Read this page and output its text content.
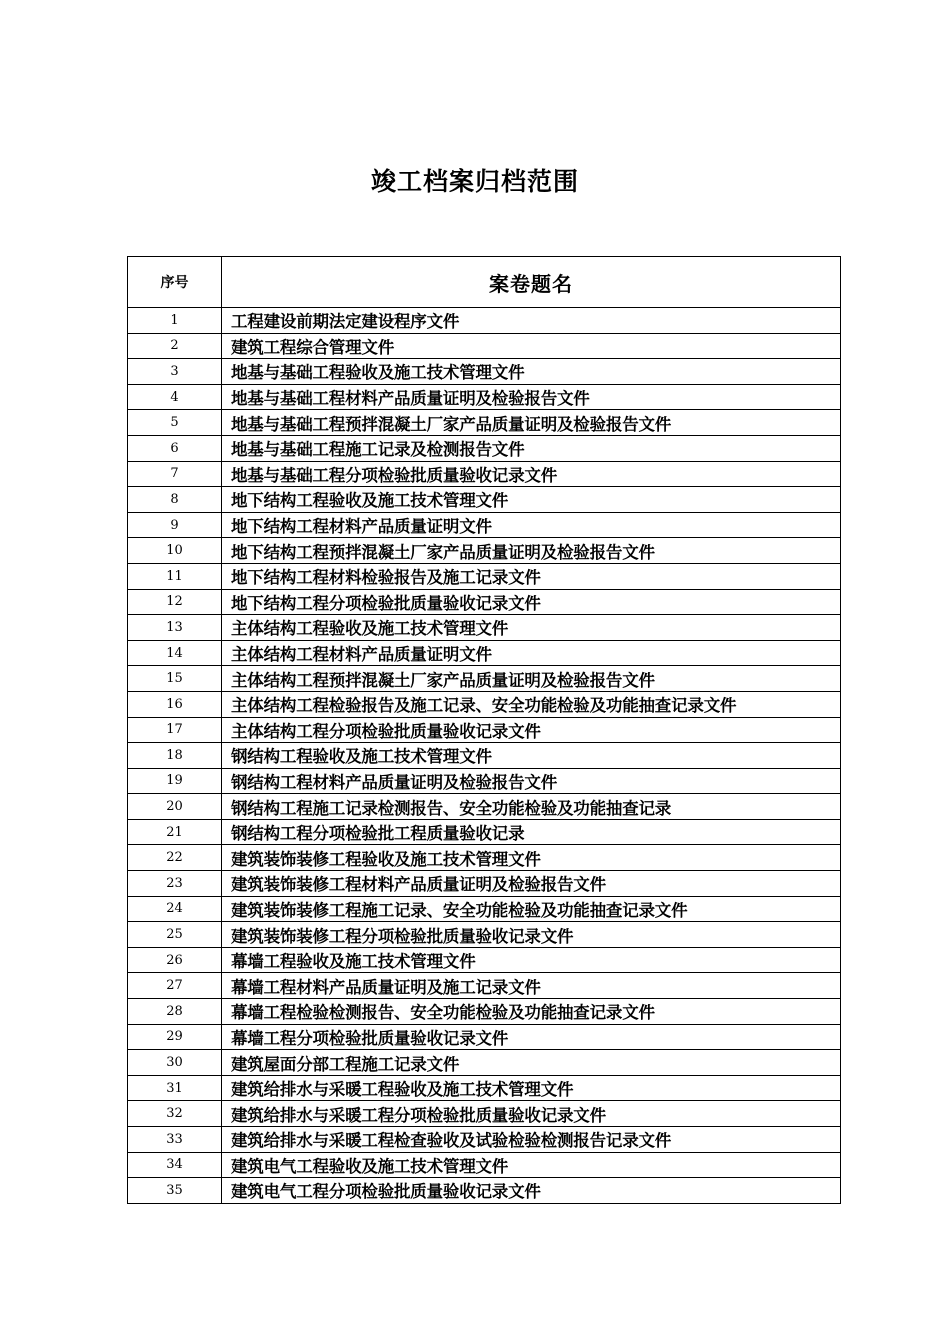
竣工档案归档范围
序号	案卷题名
1	工程建设前期法定建设程序文件
2	建筑工程综合管理文件
3	地基与基础工程验收及施工技术管理文件
4	地基与基础工程材料产品质量证明及检验报告文件
5	地基与基础工程预拌混凝土厂家产品质量证明及检验报告文件
6	地基与基础工程施工记录及检测报告文件
7	地基与基础工程分项检验批质量验收记录文件
8	地下结构工程验收及施工技术管理文件
9	地下结构工程材料产品质量证明文件
10	地下结构工程预拌混凝土厂家产品质量证明及检验报告文件
11	地下结构工程材料检验报告及施工记录文件
12	地下结构工程分项检验批质量验收记录文件
13	主体结构工程验收及施工技术管理文件
14	主体结构工程材料产品质量证明文件
15	主体结构工程预拌混凝土厂家产品质量证明及检验报告文件
16	主体结构工程检验报告及施工记录、安全功能检验及功能抽查记录文件
17	主体结构工程分项检验批质量验收记录文件
18	钢结构工程验收及施工技术管理文件
19	钢结构工程材料产品质量证明及检验报告文件
20	钢结构工程施工记录检测报告、安全功能检验及功能抽查记录
21	钢结构工程分项检验批工程质量验收记录
22	建筑装饰装修工程验收及施工技术管理文件
23	建筑装饰装修工程材料产品质量证明及检验报告文件
24	建筑装饰装修工程施工记录、安全功能检验及功能抽查记录文件
25	建筑装饰装修工程分项检验批质量验收记录文件
26	幕墙工程验收及施工技术管理文件
27	幕墙工程材料产品质量证明及施工记录文件
28	幕墙工程检验检测报告、安全功能检验及功能抽查记录文件
29	幕墙工程分项检验批质量验收记录文件
30	建筑屋面分部工程施工记录文件
31	建筑给排水与采暖工程验收及施工技术管理文件
32	建筑给排水与采暖工程分项检验批质量验收记录文件
33	建筑给排水与采暖工程检查验收及试验检验检测报告记录文件
34	建筑电气工程验收及施工技术管理文件
35	建筑电气工程分项检验批质量验收记录文件
